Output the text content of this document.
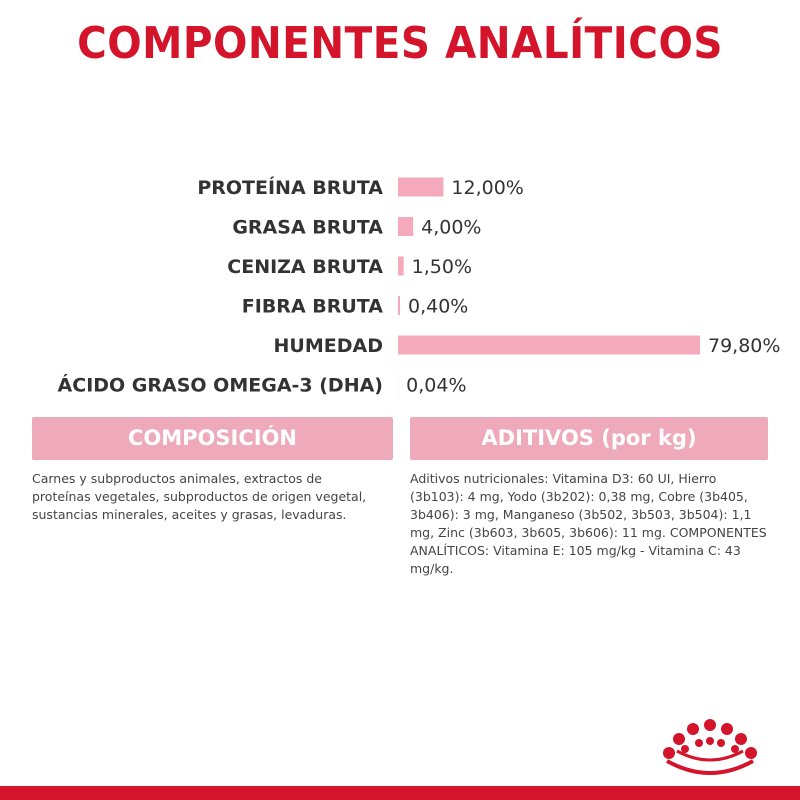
COMPONENTES ANALÍTICOS
PROTEÍNA BRUTA	12,00%
GRASA BRUTA 4,00%
CENIZA BRUTA 1,50%
FIBRA BRUTA 0,40%
HUMEDAD	79,80%
ÁCIDO GRASO OMEGA-3 (DHA) 0,04%
COMPOSICIÓN	ADITIVOS (por kg)
Carnes y subproductos animales, extractos de proteínas vegetales, subproductos de origen vegetal, sustancias minerales, aceites y grasas, levaduras.
Aditivos nutricionales: Vitamina D3: 60 UI, Hierro (3b103): 4 mg, Yodo (3b202): 0,38 mg, Cobre (3b405, 3b406): 3 mg, Manganeso (3b502, 3b503, 3b504): 1,1 mg, Zinc (3b603, 3b605, 3b606): 11 mg. COMPONENTES ANALÍTICOS: Vitamina E: 105 mg/kg - Vitamina C: 43 mg/kg.
